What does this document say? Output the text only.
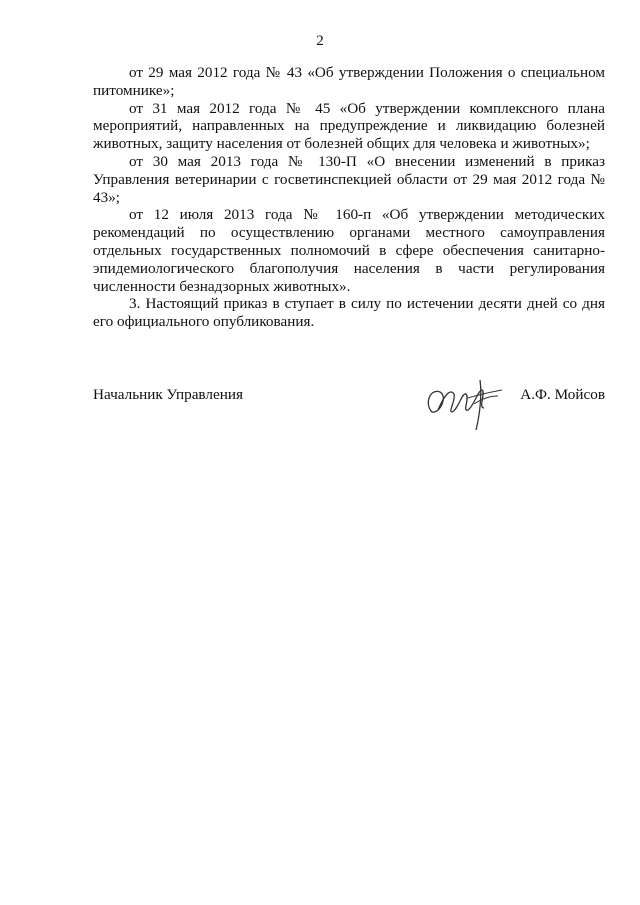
2

от 29 мая 2012 года № 43 «Об утверждении Положения о специальном питомнике»;

от 31 мая 2012 года № 45 «Об утверждении комплексного плана мероприятий, направленных на предупреждение и ликвидацию болезней животных, защиту населения от болезней общих для человека и животных»;

от 30 мая 2013 года № 130-П «О внесении изменений в приказ Управления ветеринарии с госветинспекцией области от 29 мая 2012 года № 43»;

от 12 июля 2013 года № 160-п «Об утверждении методических рекомендаций по осуществлению органами местного самоуправления отдельных государственных полномочий в сфере обеспечения санитарно-эпидемиологического благополучия населения в части регулирования численности безнадзорных животных».

3. Настоящий приказ в ступает в силу по истечении десяти дней со дня его официального опубликования.

Начальник Управления	А.Ф. Мойсов
